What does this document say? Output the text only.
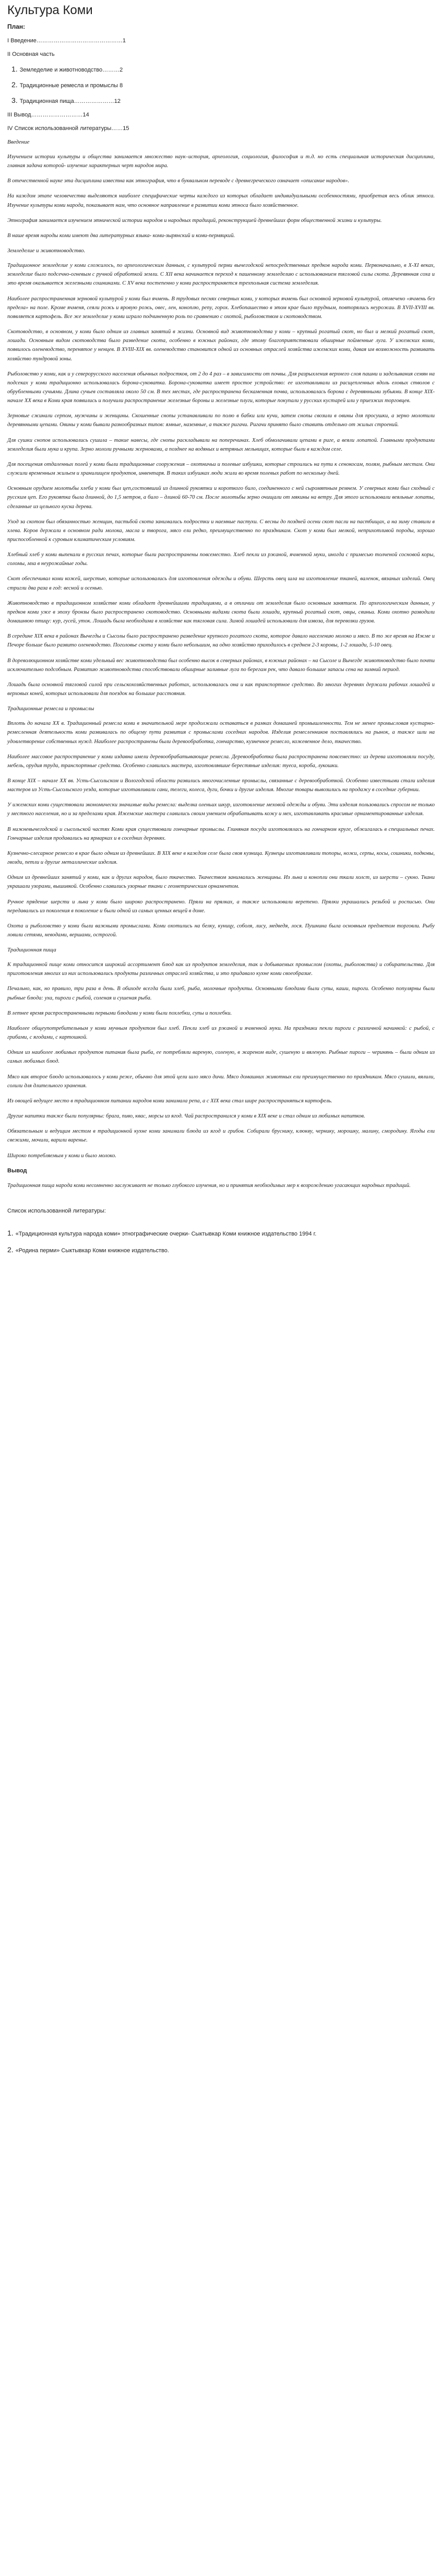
Культура Коми
План:
I Введение………………………………………1
II Основная часть
1. Земледелие и животноводство………2
2. Традиционные ремесла и промыслы 8
3. Традиционная пища…………………12
III Вывод………………………14
IV Список использованной литературы……15
Введение

Изучением истории культуры и общества занимается множество наук–история, археология, социология, философия и т.д. но есть специальная историческая дисциплина, главная задача которой- изучение характерных черт народов мира.

В отечественной науке эта дисциплина известна как этнография, что в буквальном переводе с древнегреческого означает «описание народов».

На каждом этапе человечества выделяются наиболее специфические черты каждого из которых обладает индивидуальными особенностями, приобретая весь облик этноса. Изучение культуры коми народа, показывает нам, что основное направление в развитии коми этноса было хозяйственное.

Этнография занимается изучением этнической истории народов и народных традиций, реконструкцией древнейших форм общественной жизни и культуры.

В наше время народы коми имеют два литературных языка- коми-зырянский и коми-пермяцкий.

Земледелие и животноводство.

Традиционное земледелие у коми сложилось, по археологическим данным, с культурой перми вычегодской непосредственных предков народа коми. Первоначально, в X-XI веках, земледелие было подсечно-огневым с ручной обработкой земли. С XII века начинается переход к пашенному земледелию с использованием тягловой силы скота. Деревянная соха и это время оказывается железными сошниками. С XV века постепенно у коми распространяется трехпольная система земледелия.

Наиболее распространенная зерновой культурой у коми был ячмень. В трудовых песнях северных коми, у которых ячмень был основной зерновой культурой, отмечено «ячмень без предела» на поле. Кроме ячменя, сеяли рожь и яровую рожь, овес, лен, коноплю, репу, горох. Хлебопашество в этом крае было трудным, повторялись неурожаи. В XVII-XVIII вв. появляется картофель. Все же земледелие у коми играло подчиненную роль по сравнению с охотой, рыболовством и скотоводством.

Скотоводство, в основном, у коми было одним из главных занятий в жизни. Основной вид животноводства у коми – крупный рогатый скот, но был и мелкий рогатый скот, лошади. Основным видом скотоводства было разведение скота, особенно в южных районах, где этому благоприятствовали обширные пойменные луга. У ижемских коми, появилось оленеводство, перенятое у ненцев. В XVIII-XIX вв. оленеводство становится одной из основных отраслей хозяйства ижемских коми, давая им возможность развивать хозяйство тундровой зоны.

Рыболовство у коми, как и у северорусского населения обычных подростков, от 2 до 4 раз – в зависимости от почвы. Для разрыхления верхнего слоя пашни и заделывания семян на подсеках у коми традиционно использовалась борона-суковатка. Борона-суковатка имеет простое устройство: ее изготавливали из расщепленных вдоль еловых стволов с обрубленными сучьями. Длина сучьев составляла около 50 см. В тех местах, где распространена бескаменная почва, использовалась борона с деревянными зубьями. В конце XIX- начале XX века в Коми края появились и получили распространение железные бороны и железные плуги, которые покупали у русских кустарей или у приезжих торговцев.

Зерновые сжинали серпом, мужчины и женщины. Скошенные снопы устанавливали по полю в бабки или кучи, затем снопы свозили в овины для просушки, а зерно молотили деревянными цепами. Овины у коми бывали разнообразных типов: ямные, наземные, а также ригачи. Ригачи принято было ставить отдельно от жилых строений.

Для сушки снопов использовались сушила – такие навесы, где снопы раскладывали на поперечинах. Хлеб обмолачивали цепами в риге, а веяли лопатой. Главными продуктами земледелия были мука и крупа. Зерно мололи ручными жерновами, а позднее на водяных и ветряных мельницах, которые были в каждом селе.

Для посещения отдаленных полей у коми были традиционные сооружения – охотничьи и полевые избушки, которые строились на пути к сенокосам, полям, рыбным местам. Они служили временным жильем и хранилищем продуктов, инвентаря. В таких избушках люди жили во время полевых работ по нескольку дней.

Основным орудием молотьбы хлеба у коми был цеп,состоявший из длинной рукоятки и короткого било, соединенного с ней сыромятным ремнем. У северных коми был сходный с русским цеп. Его рукоятка была длинной, до 1,5 метров, а било – длиной 60-70 см. После молотьбы зерно очищали от мякины на ветру. Для этого использовали веяльные лопаты, сделанные из цельного куска дерева.

Уход за скотом был обязанностью женщин, пастьбой скота занимались подростки и наемные пастухи. С весны до поздней осени скот пасли на пастбищах, а на зиму ставили в хлева. Коров держали в основном ради молока, масла и творога, мясо ели редко, преимущественно по праздникам. Скот у коми был мелкой, неприхотливой породы, хорошо приспособленной к суровым климатическим условиям.

Хлебный хлеб у коми выпекали в русских печах, которые были распространены повсеместно. Хлеб пекли из ржаной, ячменной муки, иногда с примесью толченой сосновой коры, соломы, мха в неурожайные годы.

Скот обеспечивал коми кожей, шерстью, которые использовались для изготовления одежды и обуви. Шерсть овец шла на изготовление тканей, валенок, вязаных изделий. Овец стригли два раза в год: весной и осенью.

Животноводство в традиционном хозяйстве коми обладает древнейшими традициями, а в отличии от земледелия было основным занятием. По археологическим данным, у предков коми уже в эпоху бронзы было распространено скотоводство. Основными видами скота были лошади, крупный рогатый скот, овцы, свиньи. Коми охотно разводили домашнюю птицу: кур, гусей, уток. Лошадь была необходима в хозяйстве как тягловая сила. Зимой лошадей использовали для извоза, для перевозки грузов.

В середине XIX века в районах Вычегды и Сысолы было распространено разведение крупного рогатого скота, которое давало населению молоко и мясо. В то же время на Ижме и Печоре больше было развито оленеводство. Поголовье скота у коми было небольшим, на одно хозяйство приходилось в среднем 2-3 коровы, 1-2 лошади, 5-10 овец.

В дореволюционном хозяйстве коми удельный вес животноводства был особенно высок в северных районах, в южных районах – на Сысоле и Вычегде животноводство было почти исключительно подсобным. Развитию животноводства способствовали обширные заливные луга по берегам рек, что давало большие запасы сена на зимний период.

Лошадь была основной тягловой силой при сельскохозяйственных работах, использовалась она и как транспортное средство. Во многих деревнях держали рабочих лошадей и верховых коней, которых использовали для поездок на большие расстояния.

Традиционные ремесла и промыслы

Вплоть до начала XX в. Традиционный ремесла коми в значительной мере продолжали оставаться в рамках домашней промышленности. Тем не менее промысловая кустарно-ремесленная деятельность коми развивалась по общему пути развития с промыслами соседних народов. Изделия ремесленников поставлялись на рынок, а также шли на удовлетворение собственных нужд. Наиболее распространены были деревообработка, гончарство, кузнечное ремесло, кожевенное дело, ткачество.

Наиболее массовое распространение у коми издавна имели деревообрабатывающие ремесла. Деревообработка была распространена повсеместно: из дерева изготовляли посуду, мебель, орудия труда, транспортные средства. Особенно славились мастера, изготовлявшие берестяные изделия: туеса, короба, лукошки.

В конце XIX – начале XX вв. Усть-Сысольском и Вологодской области развились многочисленные промыслы, связанные с деревообработкой. Особенно известными стали изделия мастеров из Усть-Сысольского уезда, которые изготавливали сани, телеги, колеса, дуги, бочки и другие изделия. Многие товары вывозились на продажу в соседние губернии.

У ижемских коми существовали экономически значимые виды ремесла: выделка оленьих шкур, изготовление меховой одежды и обуви. Эти изделия пользовались спросом не только у местного населения, но и за пределами края. Ижемские мастера славились своим умением обрабатывать кожу и мех, изготавливать красивые орнаментированные изделия.

В нижневычегодской и сысольской частях Коми края существовали гончарные промыслы. Глиняная посуда изготовлялась на гончарном круге, обжигалась в специальных печах. Гончарные изделия продавались на ярмарках и в соседних деревнях.

Кузнечно-слесарное ремесло в крае было одним из древнейших. В XIX веке в каждом селе была своя кузница. Кузнецы изготавливали топоры, ножи, серпы, косы, сошники, подковы, гвозди, петли и другие металлические изделия.

Одним из древнейших занятий у коми, как и других народов, было ткачество. Ткачеством занимались женщины. Из льна и конопли они ткали холст, из шерсти – сукно. Ткани украшали узорами, вышивкой. Особенно славились узорные ткани с геометрическим орнаментом.

Ручное прядение шерсти и льна у коми было широко распространено. Пряли на прялках, а также использовали веретено. Прялки украшались резьбой и росписью. Они передавались из поколения в поколение и были одной из самых ценных вещей в доме.

Охота и рыболовство у коми были важными промыслами. Коми охотились на белку, куницу, соболя, лису, медведя, лося. Пушнина была основным предметом торговли. Рыбу ловили сетями, неводами, вершами, острогой.

Традиционная пища

К традиционной пище коми относится широкий ассортимент блюд как из продуктов земледелия, так и добываемых промыслом (охоты, рыболовства) и собирательства. Для приготовления многих из них использовались продукты различных отраслей хозяйства, и это придавало кухне коми своеобразие.

Печально, как, но правило, три раза в день. В обиходе всегда были хлеб, рыба, молочные продукты. Основными блюдами были супы, каши, пироги. Особенно популярны были рыбные блюда: уха, пироги с рыбой, соленая и сушеная рыба.

В летнее время распространенными первыми блюдами у коми были похлебки, супы и похлебки.

Наиболее общеупотребительным у коми мучным продуктом был хлеб. Пекли хлеб из ржаной и ячменной муки. На праздники пекли пироги с различной начинкой: с рыбой, с грибами, с ягодами, с картошкой.

Одним из наиболее любимых продуктов питания была рыба, ее потребляли вареную, соленую, в жареном виде, сушеную и вяленую. Рыбные пироги – черинянь – были одним из самых любимых блюд.

Мясо как второе блюдо использовалось у коми реже, обычно для этой цели шло мясо дичи. Мясо домашних животных ели преимущественно по праздникам. Мясо сушили, вялили, солили для длительного хранения.

Из овощей ведущее место в традиционном питании народов коми занимала репа, а с XIX века стал шире распространяться картофель.

Другие напитки также были популярны: брага, пиво, квас, морсы из ягод. Чай распространился у коми в XIX веке и стал одним из любимых напитков.

Обязательным и ведущим местом в традиционной кухне коми занимали блюда из ягод и грибов. Собирали бруснику, клюкву, чернику, морошку, малину, смородину. Ягоды ели свежими, мочили, варили варенье.

Широко потребляемым у коми и было молоко.

Вывод

Традиционная пища народа коми несомненно заслуживает не только глубокого изучения, но и принятия необходимых мер к возрождению угасающих народных традиций.

Список использованной литературы:
1. «Традиционная культура народа коми» этнографические очерки- Сыктывкар Коми книжное издательство 1994 г.
2. «Родина перми» Сыктывкар Коми книжное издательство.
